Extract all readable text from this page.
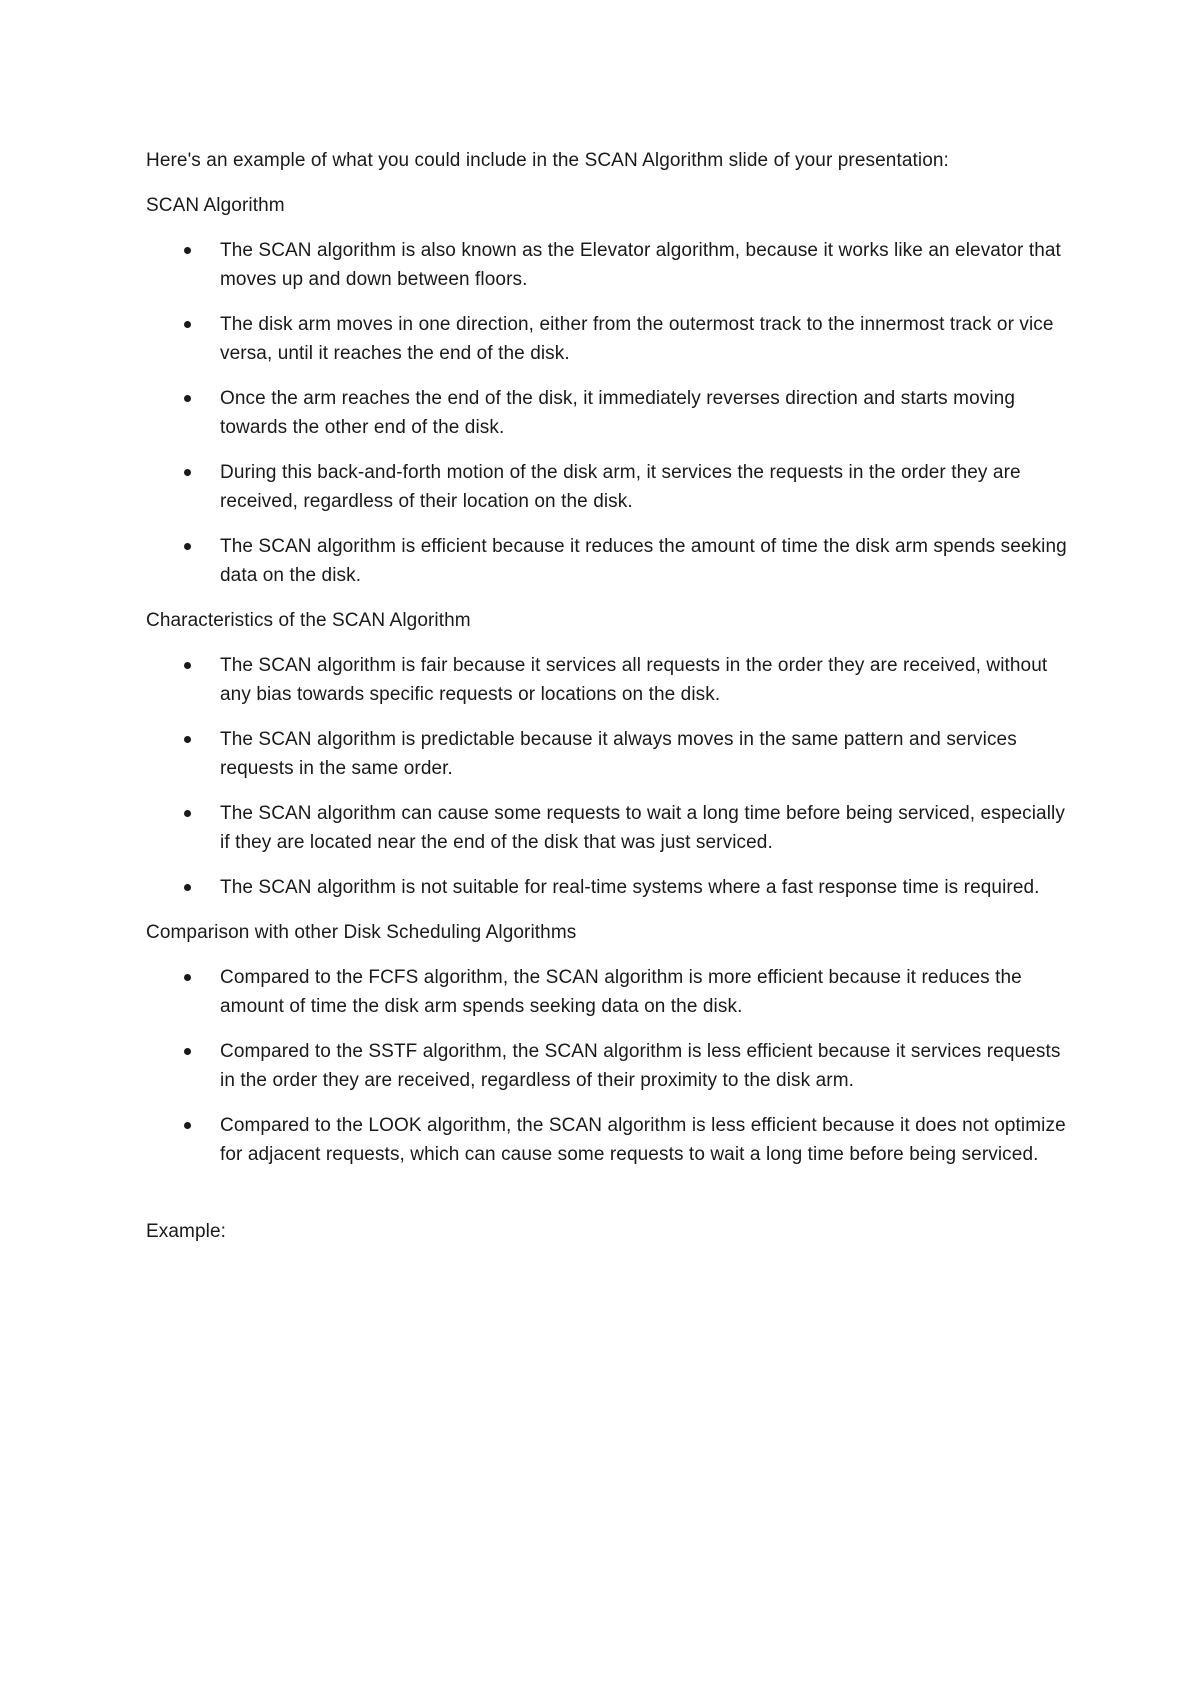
Here's an example of what you could include in the SCAN Algorithm slide of your presentation:

SCAN Algorithm

The SCAN algorithm is also known as the Elevator algorithm, because it works like an elevator that moves up and down between floors.
The disk arm moves in one direction, either from the outermost track to the innermost track or vice versa, until it reaches the end of the disk.
Once the arm reaches the end of the disk, it immediately reverses direction and starts moving towards the other end of the disk.
During this back-and-forth motion of the disk arm, it services the requests in the order they are received, regardless of their location on the disk.
The SCAN algorithm is efficient because it reduces the amount of time the disk arm spends seeking data on the disk.

Characteristics of the SCAN Algorithm

The SCAN algorithm is fair because it services all requests in the order they are received, without any bias towards specific requests or locations on the disk.
The SCAN algorithm is predictable because it always moves in the same pattern and services requests in the same order.
The SCAN algorithm can cause some requests to wait a long time before being serviced, especially if they are located near the end of the disk that was just serviced.
The SCAN algorithm is not suitable for real-time systems where a fast response time is required.

Comparison with other Disk Scheduling Algorithms

Compared to the FCFS algorithm, the SCAN algorithm is more efficient because it reduces the amount of time the disk arm spends seeking data on the disk.
Compared to the SSTF algorithm, the SCAN algorithm is less efficient because it services requests in the order they are received, regardless of their proximity to the disk arm.
Compared to the LOOK algorithm, the SCAN algorithm is less efficient because it does not optimize for adjacent requests, which can cause some requests to wait a long time before being serviced.

Example:
